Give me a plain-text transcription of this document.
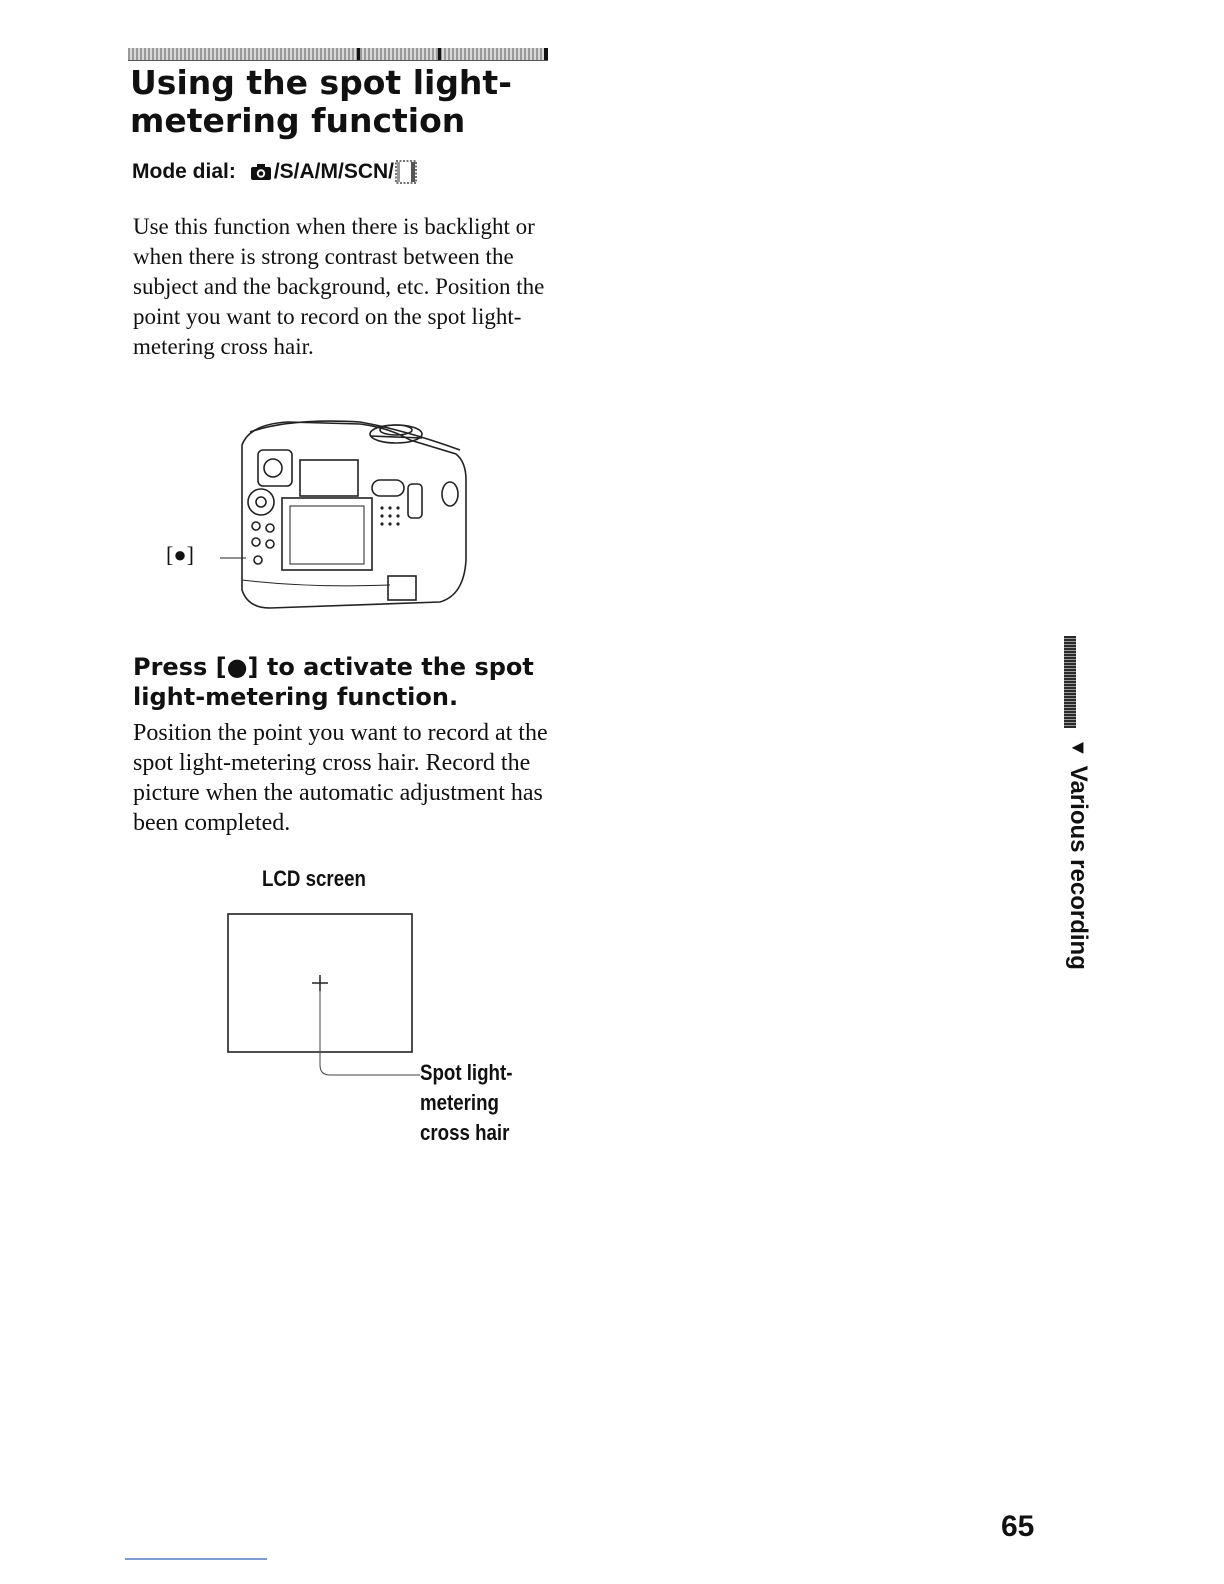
Using the spot light-metering function
Mode dial: /S/A/M/SCN/

Use this function when there is backlight or when there is strong contrast between the subject and the background, etc. Position the point you want to record on the spot light-metering cross hair.

[●]

Press [●] to activate the spot light-metering function.

Position the point you want to record at the spot light-metering cross hair. Record the picture when the automatic adjustment has been completed.

LCD screen
Spot light-metering cross hair
▼
Various recording
65
